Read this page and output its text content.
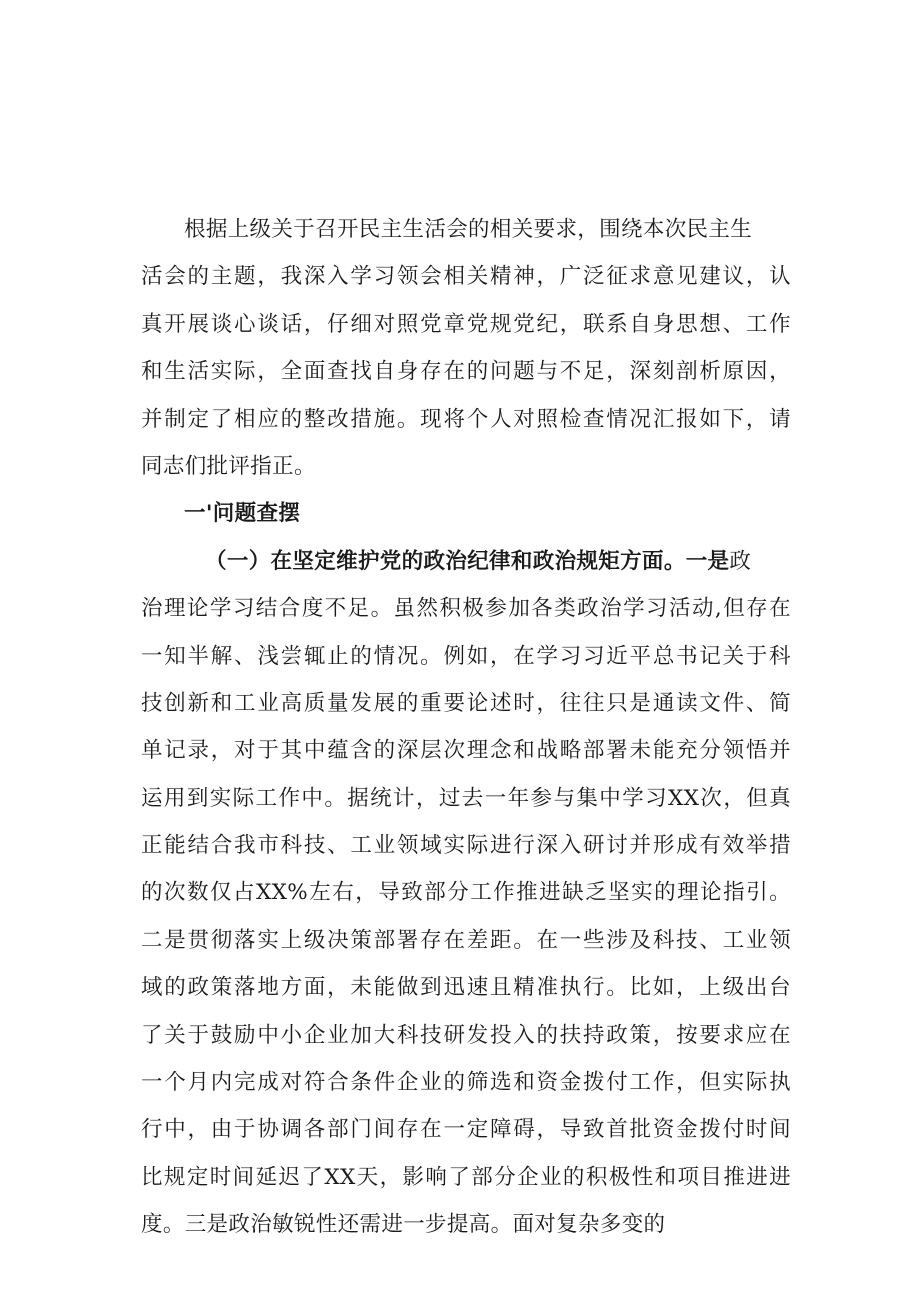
根据上级关于召开民主生活会的相关要求，围绕本次民主生
活会的主题，我深入学习领会相关精神，广泛征求意见建议，认
真开展谈心谈话，仔细对照党章党规党纪，联系自身思想、工作
和生活实际，全面查找自身存在的问题与不足，深刻剖析原因，
并制定了相应的整改措施。现将个人对照检查情况汇报如下，请
同志们批评指正。
一'问题查摆
（一）在坚定维护党的政治纪律和政治规矩方面。一是政
治理论学习结合度不足。虽然积极参加各类政治学习活动,但存在
一知半解、浅尝辄止的情况。例如，在学习习近平总书记关于科
技创新和工业高质量发展的重要论述时，往往只是通读文件、简
单记录，对于其中蕴含的深层次理念和战略部署未能充分领悟并
运用到实际工作中。据统计，过去一年参与集中学习XX次，但真
正能结合我市科技、工业领域实际进行深入研讨并形成有效举措
的次数仅占XX%左右，导致部分工作推进缺乏坚实的理论指引。
二是贯彻落实上级决策部署存在差距。在一些涉及科技、工业领
域的政策落地方面，未能做到迅速且精准执行。比如，上级出台
了关于鼓励中小企业加大科技研发投入的扶持政策，按要求应在
一个月内完成对符合条件企业的筛选和资金拨付工作，但实际执
行中，由于协调各部门间存在一定障碍，导致首批资金拨付时间
比规定时间延迟了XX天，影响了部分企业的积极性和项目推进进
度。三是政治敏锐性还需进一步提高。面对复杂多变的
